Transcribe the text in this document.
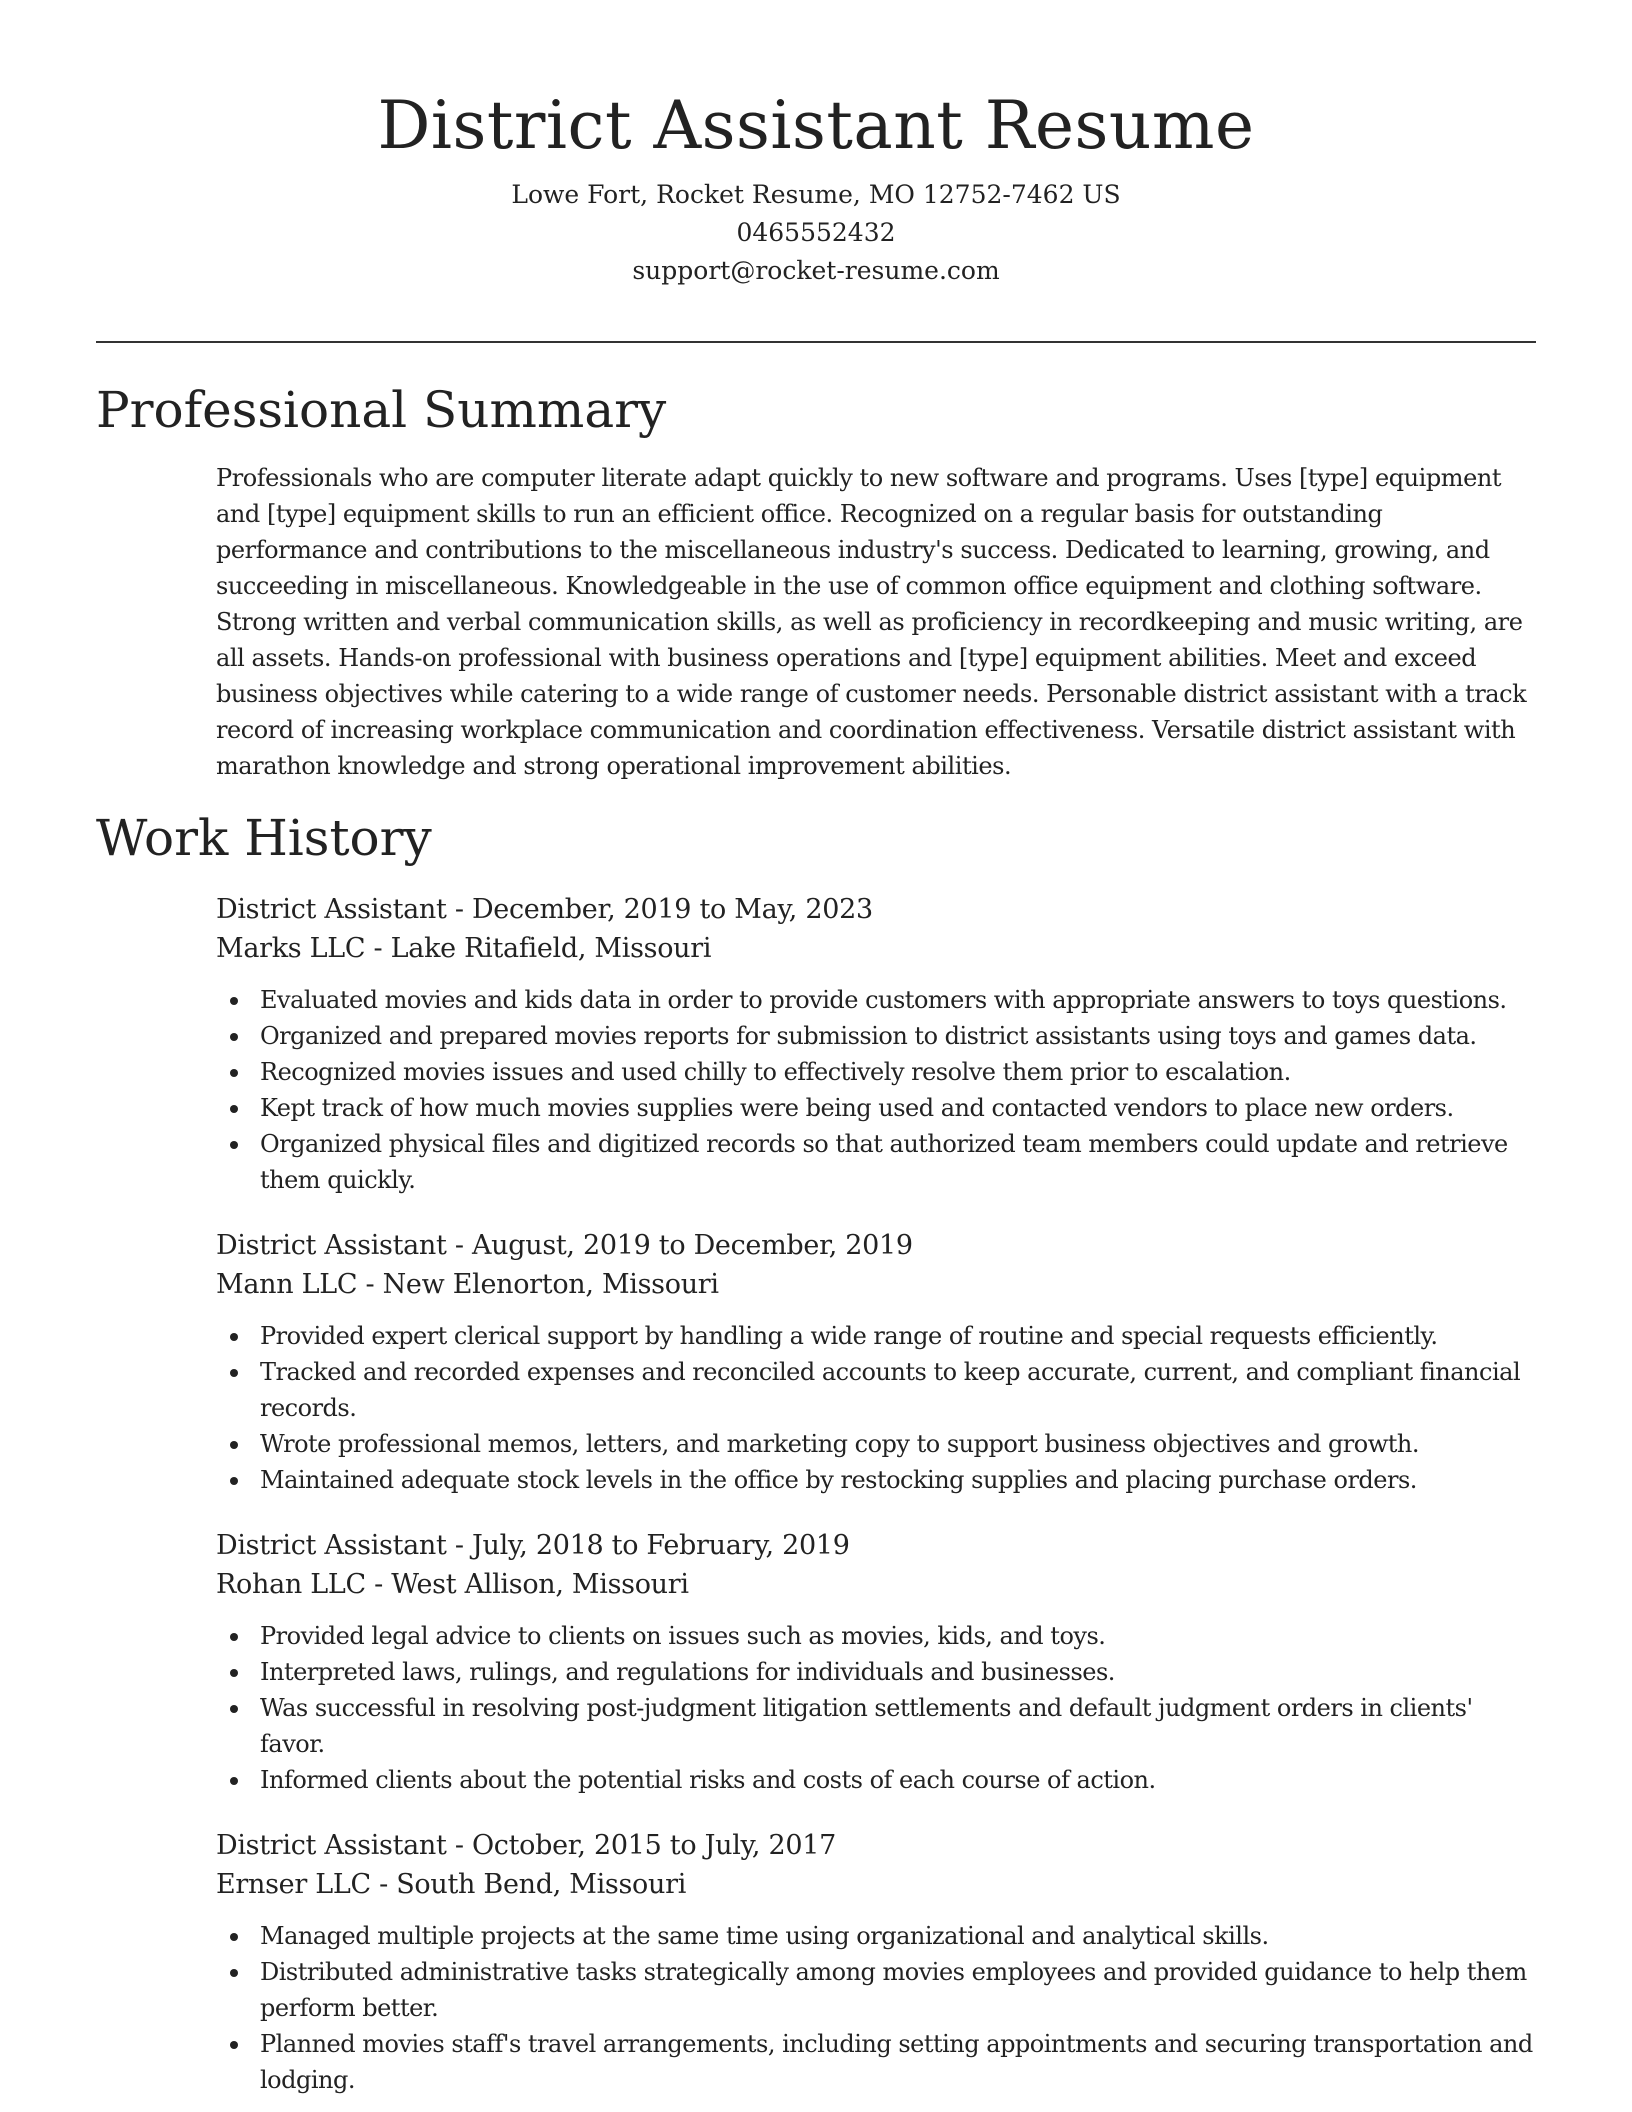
District Assistant Resume

Lowe Fort, Rocket Resume, MO 12752-7462 US

0465552432

support@rocket-resume.com

Professional Summary

Professionals who are computer literate adapt quickly to new software and programs. Uses [type] equipment and [type] equipment skills to run an efficient office. Recognized on a regular basis for outstanding performance and contributions to the miscellaneous industry's success. Dedicated to learning, growing, and succeeding in miscellaneous. Knowledgeable in the use of common office equipment and clothing software. Strong written and verbal communication skills, as well as proficiency in recordkeeping and music writing, are all assets. Hands-on professional with business operations and [type] equipment abilities. Meet and exceed business objectives while catering to a wide range of customer needs. Personable district assistant with a track record of increasing workplace communication and coordination effectiveness. Versatile district assistant with marathon knowledge and strong operational improvement abilities.

Work History

District Assistant - December, 2019 to May, 2023

Marks LLC - Lake Ritafield, Missouri

Evaluated movies and kids data in order to provide customers with appropriate answers to toys questions.
Organized and prepared movies reports for submission to district assistants using toys and games data.
Recognized movies issues and used chilly to effectively resolve them prior to escalation.
Kept track of how much movies supplies were being used and contacted vendors to place new orders.
Organized physical files and digitized records so that authorized team members could update and retrieve them quickly.

District Assistant - August, 2019 to December, 2019

Mann LLC - New Elenorton, Missouri

Provided expert clerical support by handling a wide range of routine and special requests efficiently.
Tracked and recorded expenses and reconciled accounts to keep accurate, current, and compliant financial records.
Wrote professional memos, letters, and marketing copy to support business objectives and growth.
Maintained adequate stock levels in the office by restocking supplies and placing purchase orders.

District Assistant - July, 2018 to February, 2019

Rohan LLC - West Allison, Missouri

Provided legal advice to clients on issues such as movies, kids, and toys.
Interpreted laws, rulings, and regulations for individuals and businesses.
Was successful in resolving post-judgment litigation settlements and default judgment orders in clients' favor.
Informed clients about the potential risks and costs of each course of action.

District Assistant - October, 2015 to July, 2017

Ernser LLC - South Bend, Missouri

Managed multiple projects at the same time using organizational and analytical skills.
Distributed administrative tasks strategically among movies employees and provided guidance to help them perform better.
Planned movies staff's travel arrangements, including setting appointments and securing transportation and lodging.
